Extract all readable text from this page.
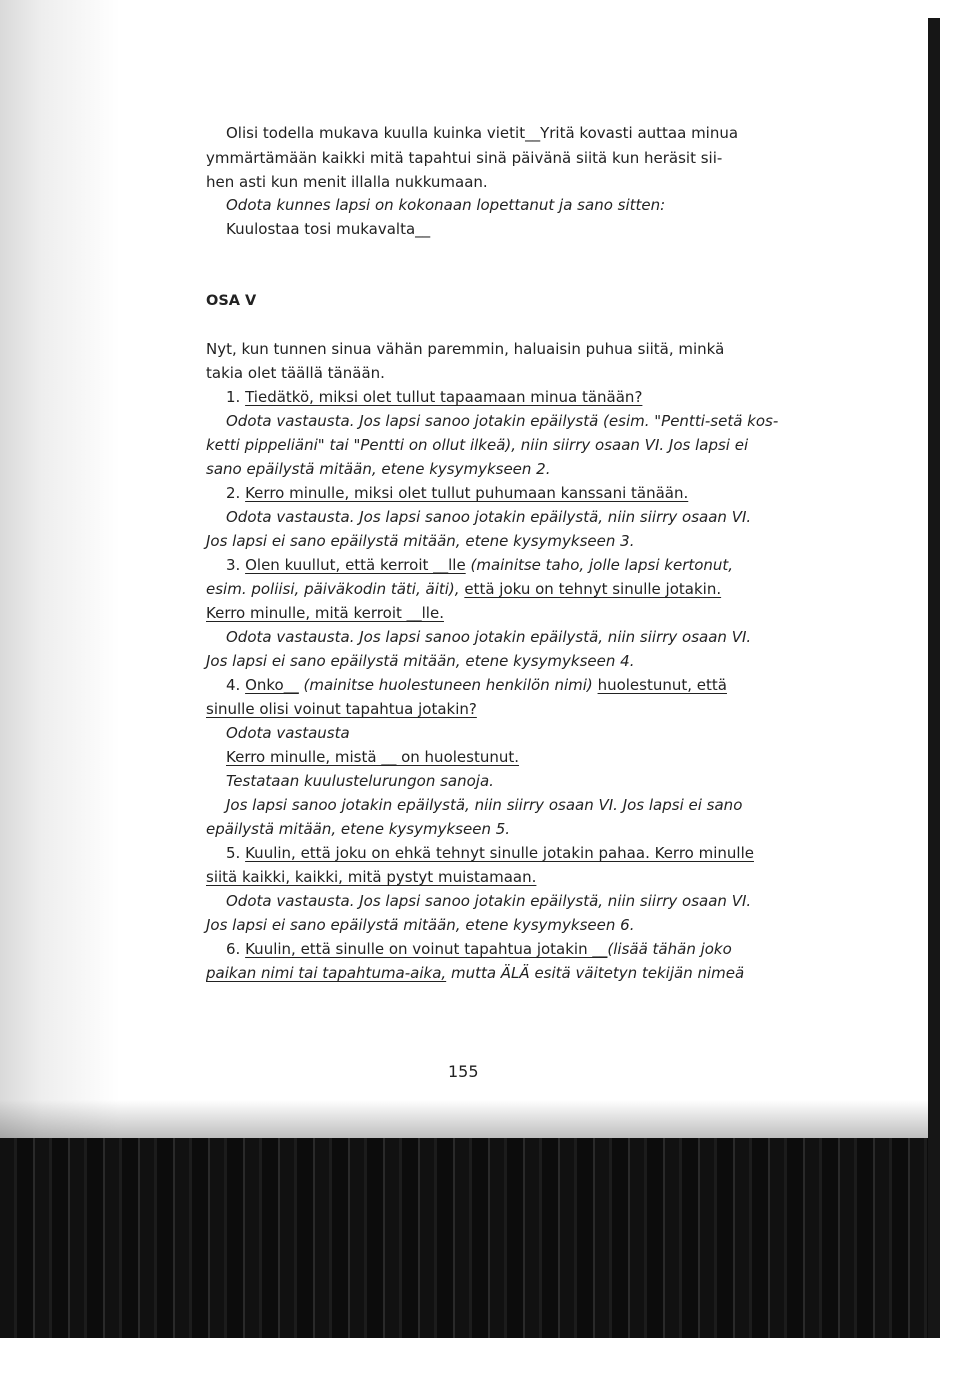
Olisi todella mukava kuulla kuinka vietit__Yritä kovasti auttaa minua

ymmärtämään kaikki mitä tapahtui sinä päivänä siitä kun heräsit sii-

hen asti kun menit illalla nukkumaan.

Odota kunnes lapsi on kokonaan lopettanut ja sano sitten:

Kuulostaa tosi mukavalta__

OSA V

Nyt, kun tunnen sinua vähän paremmin, haluaisin puhua siitä, minkä

takia olet täällä tänään.

1. Tiedätkö, miksi olet tullut tapaamaan minua tänään?

Odota vastausta. Jos lapsi sanoo jotakin epäilystä (esim. "Pentti-setä kos-

ketti pippeliäni" tai "Pentti on ollut ilkeä), niin siirry osaan VI. Jos lapsi ei

sano epäilystä mitään, etene kysymykseen 2.

2. Kerro minulle, miksi olet tullut puhumaan kanssani tänään.

Odota vastausta. Jos lapsi sanoo jotakin epäilystä, niin siirry osaan VI.

Jos lapsi ei sano epäilystä mitään, etene kysymykseen 3.

3. Olen kuullut, että kerroit __lle (mainitse taho, jolle lapsi kertonut,

esim. poliisi, päiväkodin täti, äiti), että joku on tehnyt sinulle jotakin.

Kerro minulle, mitä kerroit __lle.

Odota vastausta. Jos lapsi sanoo jotakin epäilystä, niin siirry osaan VI.

Jos lapsi ei sano epäilystä mitään, etene kysymykseen 4.

4. Onko__ (mainitse huolestuneen henkilön nimi) huolestunut, että

sinulle olisi voinut tapahtua jotakin?

Odota vastausta

Kerro minulle, mistä __ on huolestunut.

Testataan kuulustelurungon sanoja.

Jos lapsi sanoo jotakin epäilystä, niin siirry osaan VI. Jos lapsi ei sano

epäilystä mitään, etene kysymykseen 5.

5. Kuulin, että joku on ehkä tehnyt sinulle jotakin pahaa. Kerro minulle

siitä kaikki, kaikki, mitä pystyt muistamaan.

Odota vastausta. Jos lapsi sanoo jotakin epäilystä, niin siirry osaan VI.

Jos lapsi ei sano epäilystä mitään, etene kysymykseen 6.

6. Kuulin, että sinulle on voinut tapahtua jotakin __(lisää tähän joko

paikan nimi tai tapahtuma-aika, mutta ÄLÄ esitä väitetyn tekijän nimeä

155
